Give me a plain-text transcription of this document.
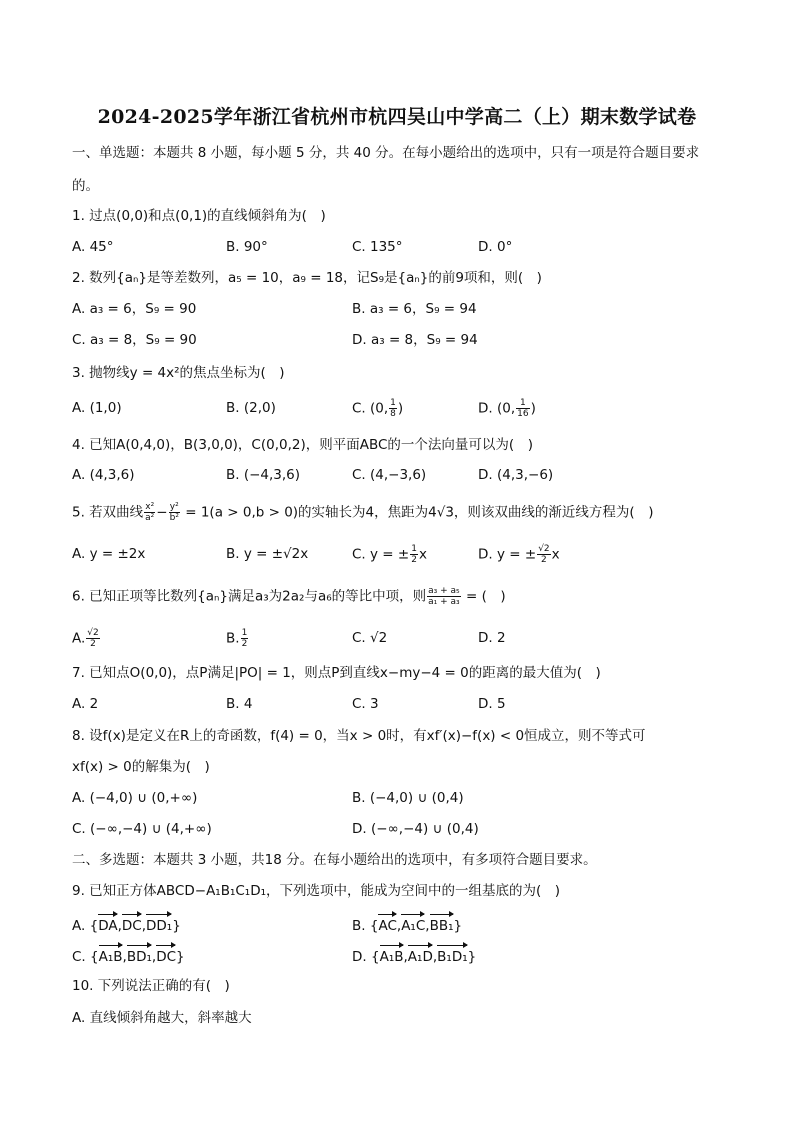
2024-2025学年浙江省杭州市杭四吴山中学高二（上）期末数学试卷
一、单选题：本题共 8 小题，每小题 5 分，共 40 分。在每小题给出的选项中，只有一项是符合题目要求
的。
1. 过点(0,0)和点(0,1)的直线倾斜角为(　)
A. 45°	B. 90°	C. 135°	D. 0°
2. 数列{aₙ}是等差数列，a₅ = 10，a₉ = 18，记S₉是{aₙ}的前9项和，则(　)
A. a₃ = 6，S₉ = 90	B. a₃ = 6，S₉ = 94
C. a₃ = 8，S₉ = 90	D. a₃ = 8，S₉ = 94
3. 抛物线y = 4x²的焦点坐标为(　)
A. (1,0)	B. (2,0)	C. (0, $\frac{1}{8}$ )	D. (0, $\frac{1}{16}$ )
4. 已知A(0,4,0)，B(3,0,0)，C(0,0,2)，则平面ABC的一个法向量可以为(　)
A. (4,3,6)	B. (−4,3,6)	C. (4,−3,6)	D. (4,3,−6)
5. 若双曲线 $\frac{\text{x²}}{\text{a²}} - \frac{\text{y²}}{\text{b²}} = 1(a > 0,b > 0)$的实轴长为4，焦距为4√3，则该双曲线的渐近线方程为(　)
A. y = ±2x	B. y = ±√2x	C. y = ± $\frac{1}{2}$ x	D. y = ± $\frac{√2}{2}$ x
6. 已知正项等比数列{aₙ}满足a₃为2a₂与a₆的等比中项，则 $\frac{\text{a₃ + a₅}}{\text{a₁ + a₃}}$ = (　)
A. $\frac{√2}{2}$	B. $\frac{1}{2}$	C. √2	D. 2
7. 已知点O(0,0)，点P满足|PO| = 1，则点P到直线x−my−4 = 0的距离的最大值为(　)
A. 2	B. 4	C. 3	D. 5
8. 设f(x)是定义在R上的奇函数，f(4) = 0，当x > 0时，有xf′(x)−f(x) < 0恒成立，则不等式可
xf(x) > 0的解集为(　)
A. (−4,0) ∪ (0,+∞)	B. (−4,0) ∪ (0,4)
C. (−∞,−4) ∪ (4,+∞)	D. (−∞,−4) ∪ (0,4)
二、多选题：本题共 3 小题，共18 分。在每小题给出的选项中，有多项符合题目要求。
9. 已知正方体ABCD−A₁B₁C₁D₁，下列选项中，能成为空间中的一组基底的为(　)
A. {DA,DC,DD₁}	B. {AC,A₁C,BB₁}
C. {A₁B,BD₁,DC}	D. {A₁B,A₁D,B₁D₁}
10. 下列说法正确的有(　)
A. 直线倾斜角越大，斜率越大
